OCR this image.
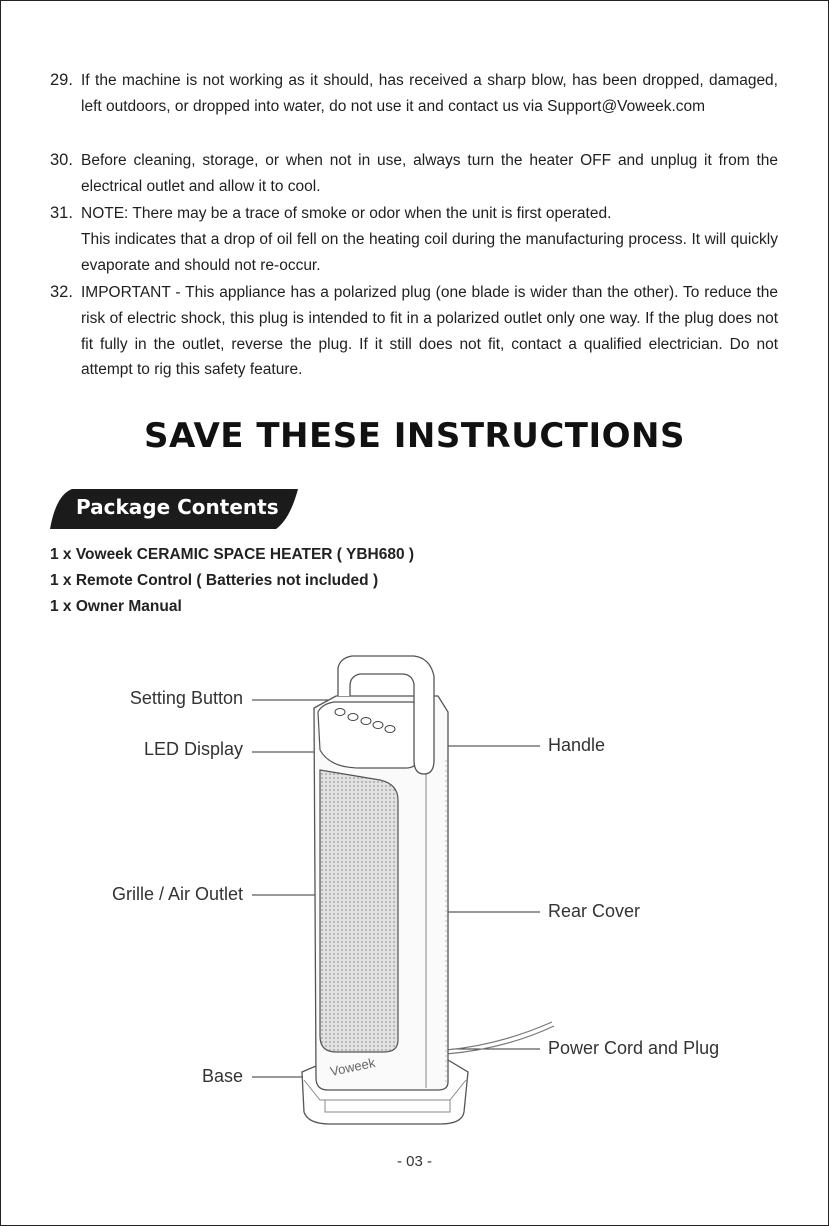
29. If the machine is not working as it should, has received a sharp blow, has been dropped, damaged, left outdoors, or dropped into water, do not use it and contact us via Support@Voweek.com

30. Before cleaning, storage, or when not in use, always turn the heater OFF and unplug it from the electrical outlet and allow it to cool.

31. NOTE: There may be a trace of smoke or odor when the unit is first operated.

This indicates that a drop of oil fell on the heating coil during the manufacturing process. It will quickly evaporate and should not re-occur.

32. IMPORTANT - This appliance has a polarized plug (one blade is wider than the other). To reduce the risk of electric shock, this plug is intended to fit in a polarized outlet only one way. If the plug does not fit fully in the outlet, reverse the plug. If it still does not fit, contact a qualified electrician. Do not attempt to rig this safety feature.

SAVE THESE INSTRUCTIONS
Package Contents
1 x Voweek CERAMIC SPACE HEATER ( YBH680 )
1 x Remote Control ( Batteries not included )
1 x Owner Manual
Voweek
Setting Button
LED Display
Grille / Air Outlet
Base
Handle
Rear Cover
Power Cord and Plug
- 03 -
